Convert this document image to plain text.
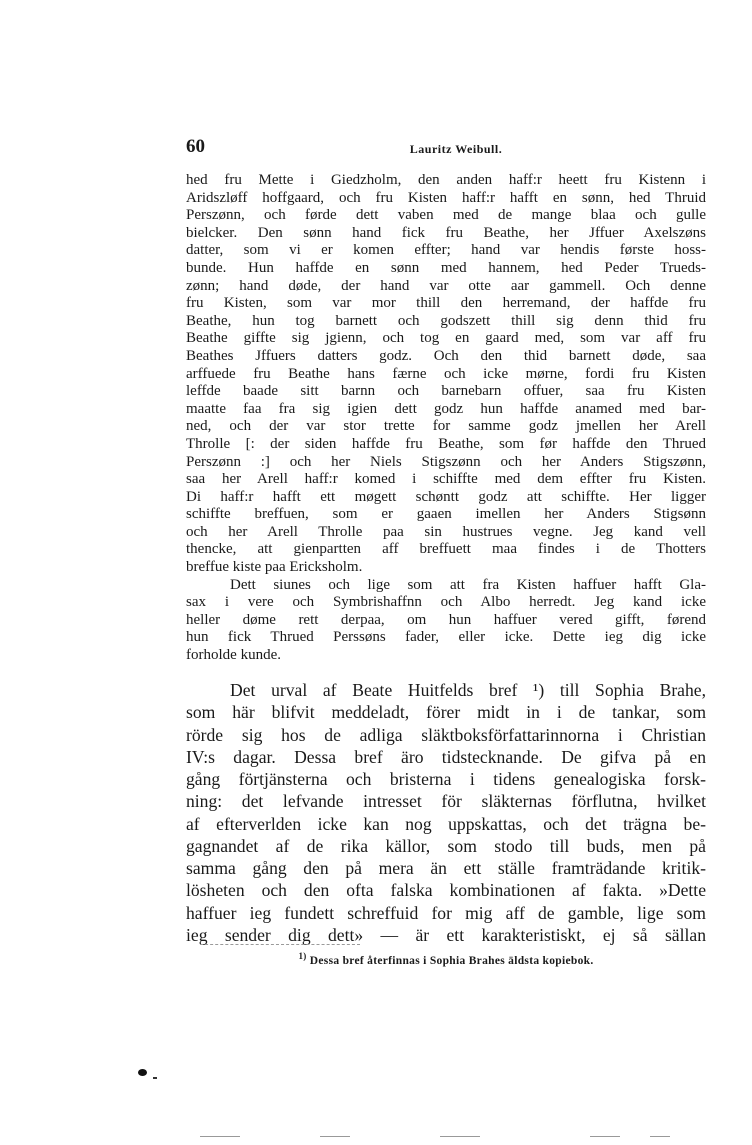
60	Lauritz Weibull.
hed fru Mette i Giedzholm, den anden haff:r heett fru Kistenn i
Aridszløff hoffgaard, och fru Kisten haff:r hafft en sønn, hed Thruid
Perszønn, och førde dett vaben med de mange blaa och gulle
bielcker. Den sønn hand fick fru Beathe, her Jffuer Axelszøns
datter, som vi er komen effter; hand var hendis første hoss-
bunde. Hun haffde en sønn med hannem, hed Peder Trueds-
zønn; hand døde, der hand var otte aar gammell. Och denne
fru Kisten, som var mor thill den herremand, der haffde fru
Beathe, hun tog barnett och godszett thill sig denn thid fru
Beathe giffte sig jgienn, och tog en gaard med, som var aff fru
Beathes Jffuers datters godz. Och den thid barnett døde, saa
arffuede fru Beathe hans færne och icke mørne, fordi fru Kisten
leffde baade sitt barnn och barnebarn offuer, saa fru Kisten
maatte faa fra sig igien dett godz hun haffde anamed med bar-
ned, och der var stor trette for samme godz jmellen her Arell
Throlle [: der siden haffde fru Beathe, som før haffde den Thrued
Perszønn :] och her Niels Stigszønn och her Anders Stigszønn,
saa her Arell haff:r komed i schiffte med dem effter fru Kisten.
Di haff:r hafft ett møgett schøntt godz att schiffte. Her ligger
schiffte breffuen, som er gaaen imellen her Anders Stigsønn
och her Arell Throlle paa sin hustrues vegne. Jeg kand vell
thencke, att gienpartten aff breffuett maa findes i de Thotters
breffue kiste paa Ericksholm.
Dett siunes och lige som att fra Kisten haffuer hafft Gla-
sax i vere och Symbrishaffnn och Albo herredt. Jeg kand icke
heller døme rett derpaa, om hun haffuer vered gifft, førend
hun fick Thrued Perssøns fader, eller icke. Dette ieg dig icke
forholde kunde.
Det urval af Beate Huitfelds bref ¹) till Sophia Brahe,
som här blifvit meddeladt, förer midt in i de tankar, som
rörde sig hos de adliga släktboksförfattarinnorna i Christian
IV:s dagar. Dessa bref äro tidstecknande. De gifva på en
gång förtjänsterna och bristerna i tidens genealogiska forsk-
ning: det lefvande intresset för släkternas förflutna, hvilket
af efterverlden icke kan nog uppskattas, och det trägna be-
gagnandet af de rika källor, som stodo till buds, men på
samma gång den på mera än ett ställe framträdande kritik-
lösheten och den ofta falska kombinationen af fakta. »Dette
haffuer ieg fundett schreffuid for mig aff de gamble, lige som
ieg sender dig dett» — är ett karakteristiskt, ej så sällan
$^{1)}$ Dessa bref återfinnas i Sophia Brahes äldsta kopiebok.
